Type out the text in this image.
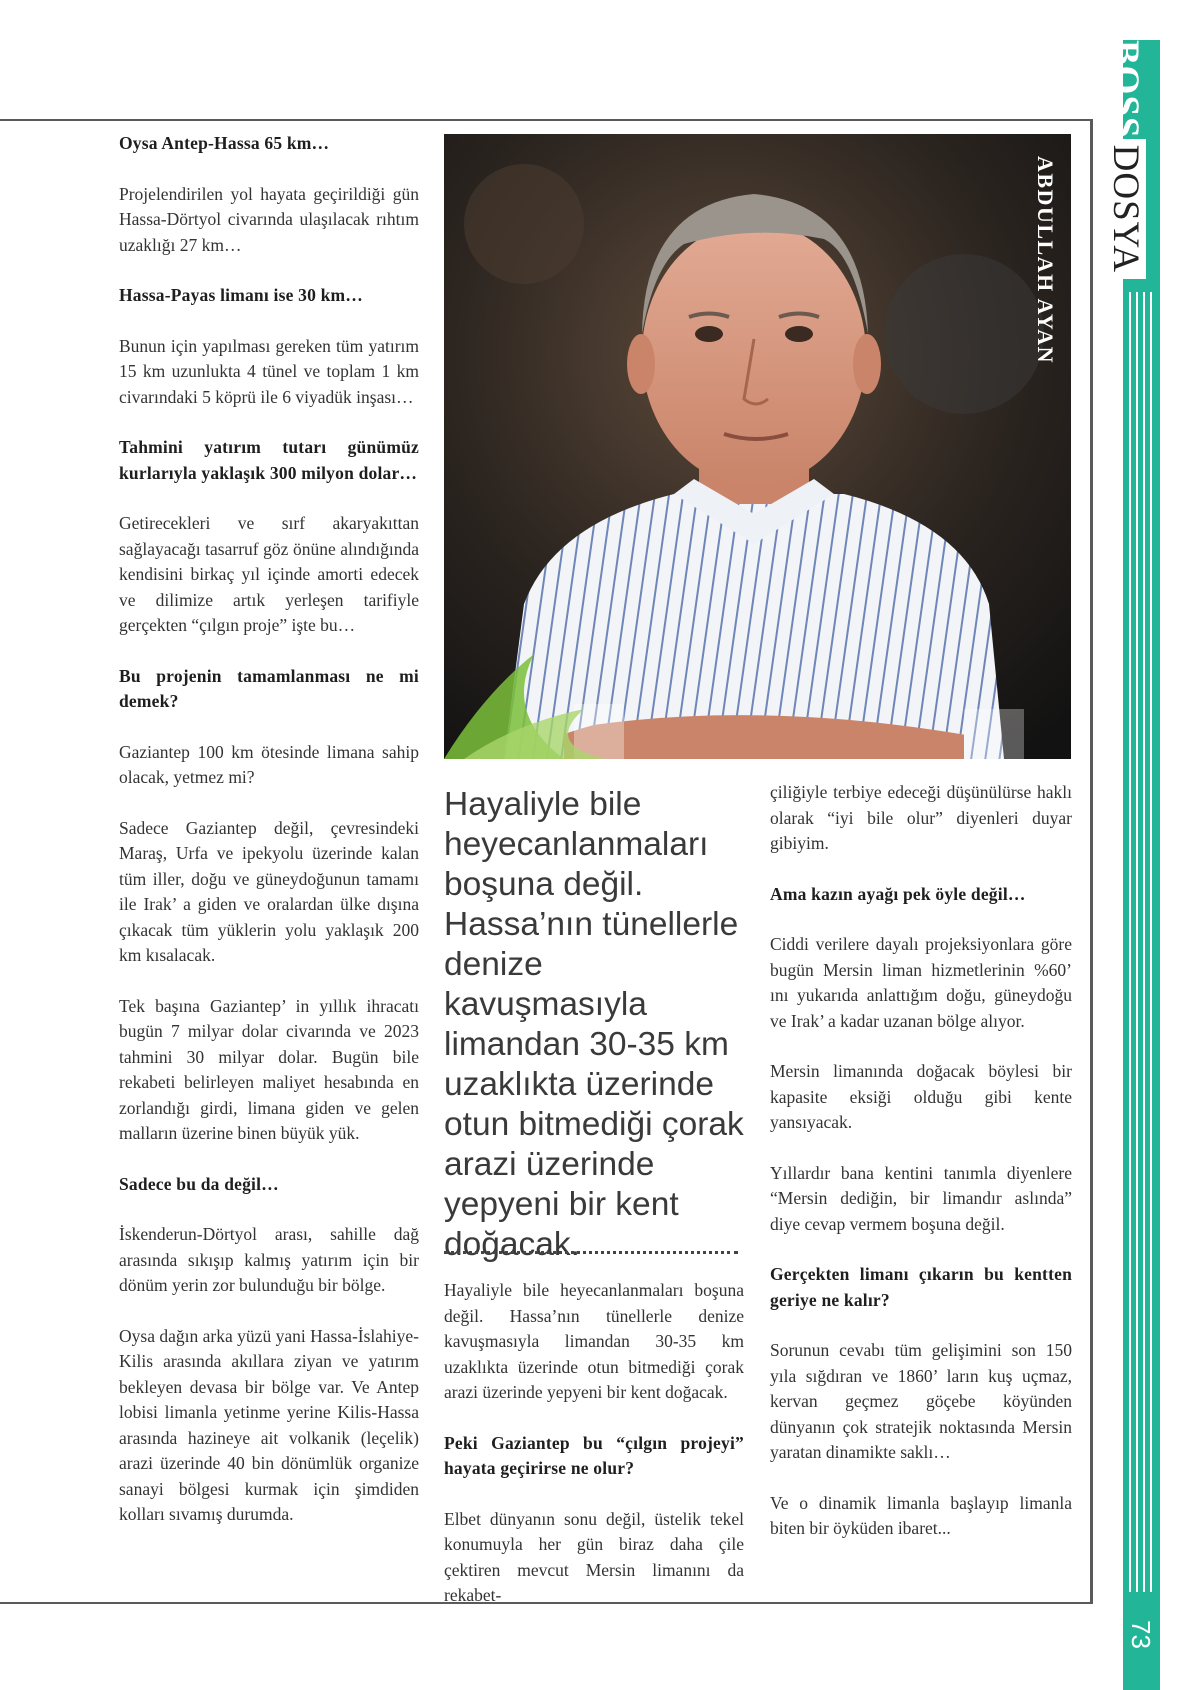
BOSSDOSYA
73

Oysa Antep-Hassa 65 km…

Projelendirilen yol hayata geçirildiği gün Hassa-Dörtyol civarında ulaşılacak rıhtım uzaklığı 27 km…

Hassa-Payas limanı ise 30 km…

Bunun için yapılması gereken tüm yatırım 15 km uzunlukta 4 tünel ve toplam 1 km civarındaki 5 köprü ile 6 viyadük inşası…

Tahmini yatırım tutarı günümüz kurlarıyla yaklaşık 300 milyon dolar…

Getirecekleri ve sırf akaryakıttan sağlayacağı tasarruf göz önüne alındığında kendisini birkaç yıl içinde amorti edecek ve dilimize artık yerleşen tarifiyle gerçekten “çılgın proje” işte bu…

Bu projenin tamamlanması ne mi demek?

Gaziantep 100 km ötesinde limana sahip olacak, yetmez mi?

Sadece Gaziantep değil, çevresindeki Maraş, Urfa ve ipekyolu üzerinde kalan tüm iller, doğu ve güneydoğunun tamamı ile Irak’ a giden ve oralardan ülke dışına çıkacak tüm yüklerin yolu yaklaşık 200 km kısalacak.

Tek başına Gaziantep’ in yıllık ihracatı bugün 7 milyar dolar civarında ve 2023 tahmini 30 milyar dolar. Bugün bile rekabeti belirleyen maliyet hesabında en zorlandığı girdi, limana giden ve gelen malların üzerine binen büyük yük.

Sadece bu da değil…

İskenderun-Dörtyol arası, sahille dağ arasında sıkışıp kalmış yatırım için bir dönüm yerin zor bulunduğu bir bölge.

Oysa dağın arka yüzü yani Hassa-İslahiye-Kilis arasında akıllara ziyan ve yatırım bekleyen devasa bir bölge var. Ve Antep lobisi limanla yetinme yerine Kilis-Hassa arasında hazineye ait volkanik (leçelik) arazi üzerinde 40 bin dönümlük organize sanayi bölgesi kurmak için şimdiden kolları sıvamış durumda.

ABDULLAH AYAN

Hayaliyle bile heyecanlanmaları boşuna değil. Hassa’nın tünellerle denize kavuşmasıyla limandan 30-35 km uzaklıkta üzerinde otun bitmediği çorak arazi üzerinde yepyeni bir kent doğacak.

Hayaliyle bile heyecanlanmaları boşuna değil. Hassa’nın tünellerle denize kavuşmasıyla limandan 30-35 km uzaklıkta üzerinde otun bitmediği çorak arazi üzerinde yepyeni bir kent doğacak.

Peki Gaziantep bu “çılgın projeyi” hayata geçirirse ne olur?

Elbet dünyanın sonu değil, üstelik tekel konumuyla her gün biraz daha çile çektiren mevcut Mersin limanını da rekabet-

çiliğiyle terbiye edeceği düşünülürse haklı olarak “iyi bile olur” diyenleri duyar gibiyim.

Ama kazın ayağı pek öyle değil…

Ciddi verilere dayalı projeksiyonlara göre bugün Mersin liman hizmetlerinin %60’ ını yukarıda anlattığım doğu, güneydoğu ve Irak’ a kadar uzanan bölge alıyor.

Mersin limanında doğacak böylesi bir kapasite eksiği olduğu gibi kente yansıyacak.

Yıllardır bana kentini tanımla diyenlere “Mersin dediğin, bir limandır aslında” diye cevap vermem boşuna değil.

Gerçekten limanı çıkarın bu kentten geriye ne kalır?

Sorunun cevabı tüm gelişimini son 150 yıla sığdıran ve 1860’ ların kuş uçmaz, kervan geçmez göçebe köyünden dünyanın çok stratejik noktasında Mersin yaratan dinamikte saklı…

Ve o dinamik limanla başlayıp limanla biten bir öyküden ibaret...
